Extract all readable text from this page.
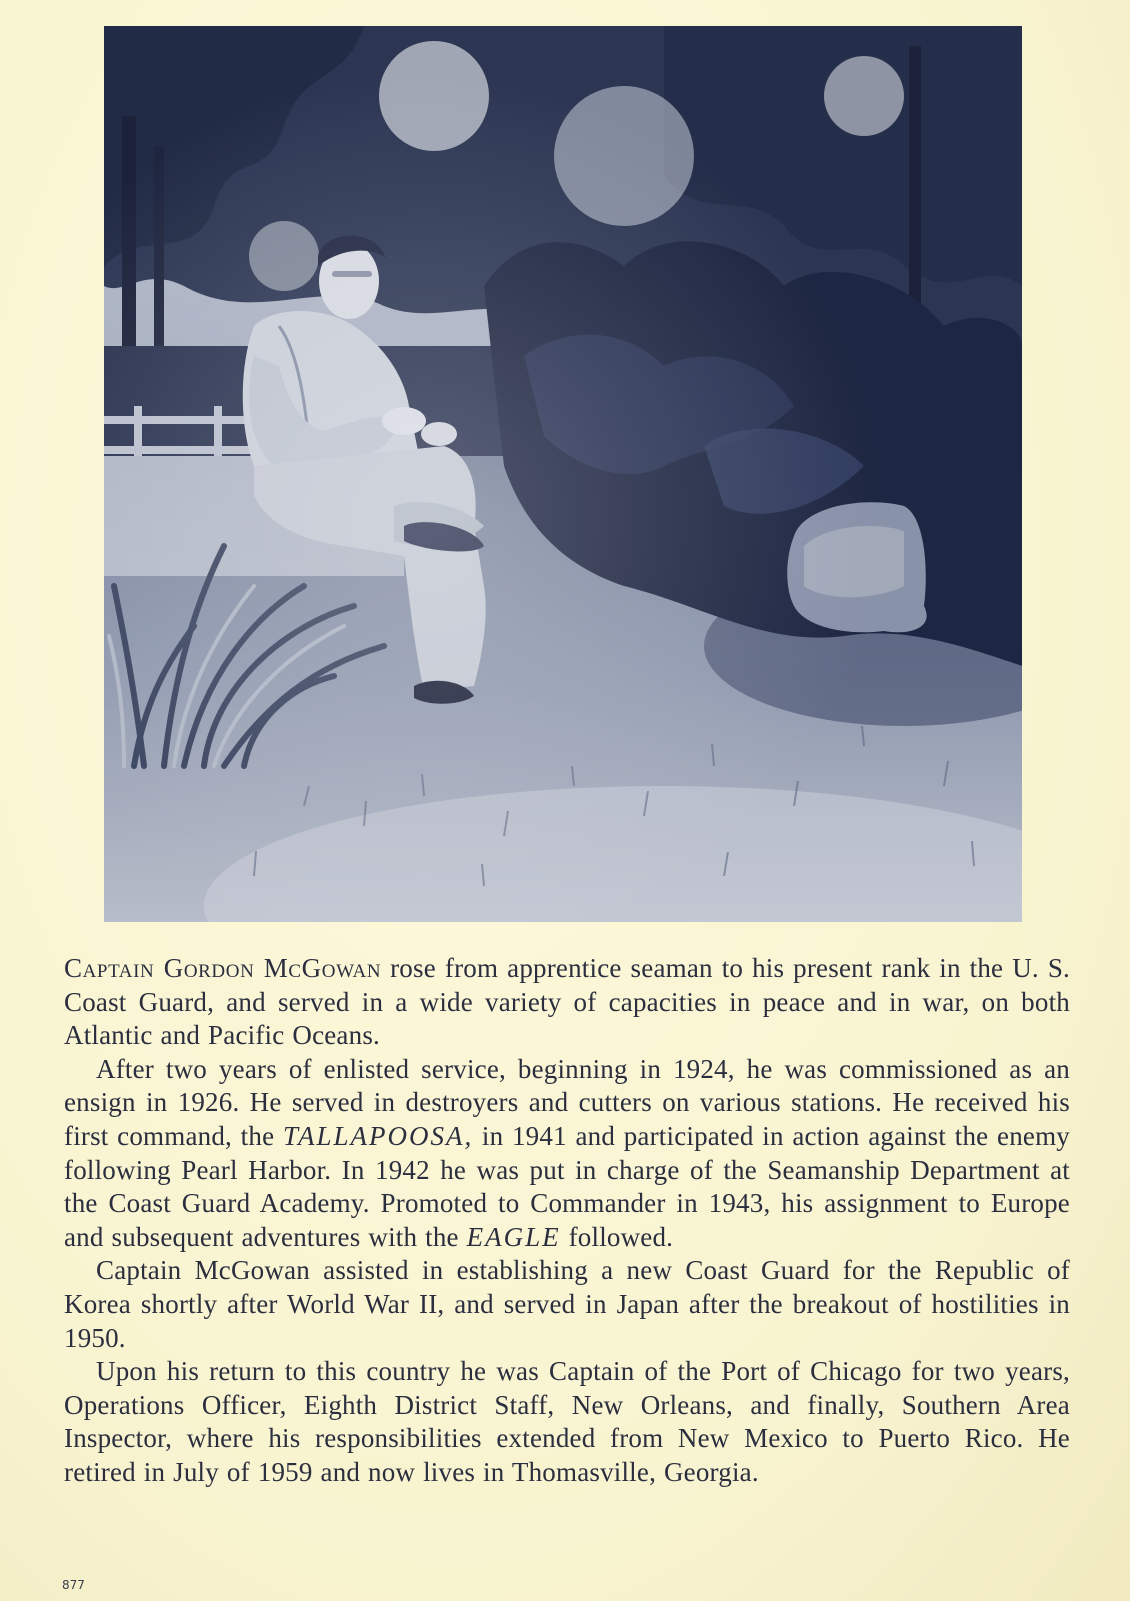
Captain Gordon McGowan rose from apprentice seaman to his present rank in the U. S. Coast Guard, and served in a wide variety of capacities in peace and in war, on both Atlantic and Pacific Oceans.

After two years of enlisted service, beginning in 1924, he was commissioned as an ensign in 1926. He served in destroyers and cutters on various stations. He received his first command, the TALLAPOOSA, in 1941 and participated in action against the enemy following Pearl Harbor. In 1942 he was put in charge of the Seamanship Department at the Coast Guard Academy. Promoted to Commander in 1943, his assignment to Europe and subsequent adventures with the EAGLE followed.

Captain McGowan assisted in establishing a new Coast Guard for the Republic of Korea shortly after World War II, and served in Japan after the breakout of hostilities in 1950.

Upon his return to this country he was Captain of the Port of Chicago for two years, Operations Officer, Eighth District Staff, New Orleans, and finally, Southern Area Inspector, where his responsibilities extended from New Mexico to Puerto Rico. He retired in July of 1959 and now lives in Thomasville, Georgia.

877
